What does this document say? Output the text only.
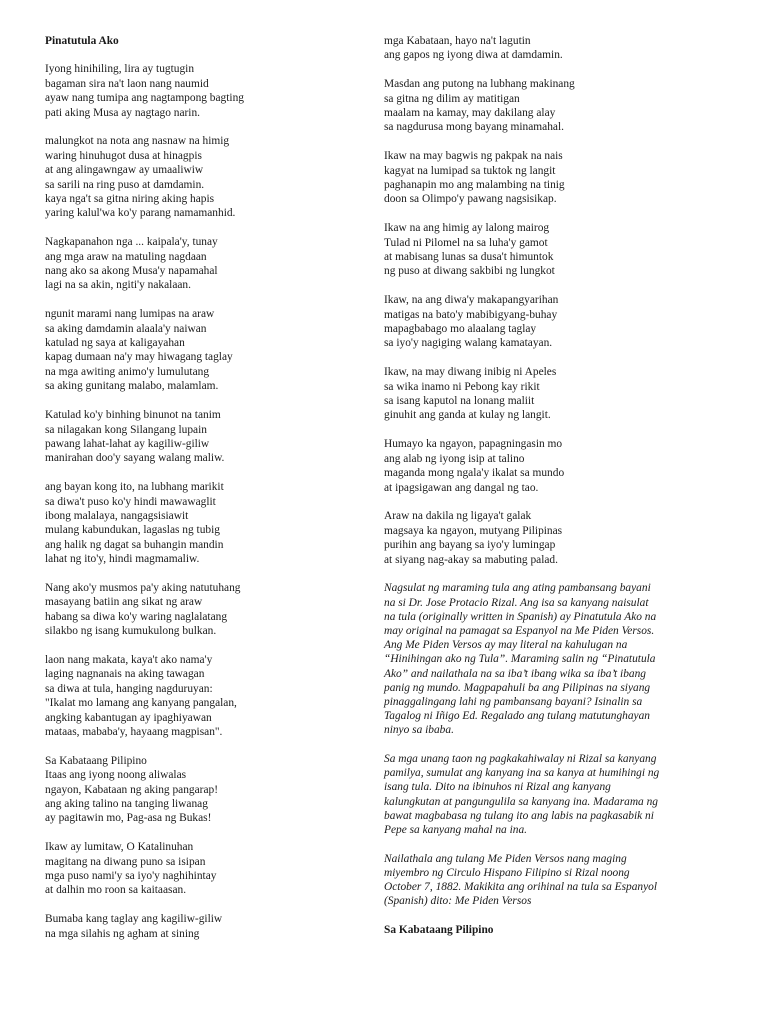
Pinatutula Ako
Iyong hinihiling, lira ay tugtugin
bagaman sira na't laon nang naumid
ayaw nang tumipa ang nagtampong bagting
pati aking Musa ay nagtago narin.
malungkot na nota ang nasnaw na himig
waring hinuhugot dusa at hinagpis
at ang alingawngaw ay umaaliwiw
sa sarili na ring puso at damdamin.
kaya nga't sa gitna niring aking hapis
yaring kalul'wa ko'y parang namamanhid.
Nagkapanahon nga ... kaipala'y, tunay
ang mga araw na matuling nagdaan
nang ako sa akong Musa'y napamahal
lagi na sa akin, ngiti'y nakalaan.
ngunit marami nang lumipas na araw
sa aking damdamin alaala'y naiwan
katulad ng saya at kaligayahan
kapag dumaan na'y may hiwagang taglay
na mga awiting animo'y lumulutang
sa aking gunitang malabo, malamlam.
Katulad ko'y binhing binunot na tanim
sa nilagakan kong Silangang lupain
pawang lahat-lahat ay kagiliw-giliw
manirahan doo'y sayang walang maliw.
ang bayan kong ito, na lubhang marikit
sa diwa't puso ko'y hindi mawawaglit
ibong malalaya, nangagsisiawit
mulang kabundukan, lagaslas ng tubig
ang halik ng dagat sa buhangin mandin
lahat ng ito'y, hindi magmamaliw.
Nang ako'y musmos pa'y aking natutuhang
masayang batiin ang sikat ng araw
habang sa diwa ko'y waring naglalatang
silakbo ng isang kumukulong bulkan.
laon nang makata, kaya't ako nama'y
laging nagnanais na aking tawagan
sa diwa at tula, hanging nagduruyan:
"Ikalat mo lamang ang kanyang pangalan,
angking kabantugan ay ipaghiyawan
mataas, mababa'y, hayaang magpisan".
Sa Kabataang Pilipino
Itaas ang iyong noong aliwalas
ngayon, Kabataan ng aking pangarap!
ang aking talino na tanging liwanag
ay pagitawin mo, Pag-asa ng Bukas!
Ikaw ay lumitaw, O Katalinuhan
magitang na diwang puno sa isipan
mga puso nami'y sa iyo'y naghihintay
at dalhin mo roon sa kaitaasan.
Bumaba kang taglay ang kagiliw-giliw
na mga silahis ng agham at sining
mga Kabataan, hayo na't lagutin
ang gapos ng iyong diwa at damdamin.
Masdan ang putong na lubhang makinang
sa gitna ng dilim ay matitigan
maalam na kamay, may dakilang alay
sa nagdurusa mong bayang minamahal.
Ikaw na may bagwis ng pakpak na nais
kagyat na lumipad sa tuktok ng langit
paghanapin mo ang malambing na tinig
doon sa Olimpo'y pawang nagsisikap.
Ikaw na ang himig ay lalong mairog
Tulad ni Pilomel na sa luha'y gamot
at mabisang lunas sa dusa't himuntok
ng puso at diwang sakbibi ng lungkot
Ikaw, na ang diwa'y makapangyarihan
matigas na bato'y mabibigyang-buhay
mapagbabago mo alaalang taglay
sa iyo'y nagiging walang kamatayan.
Ikaw, na may diwang inibig ni Apeles
sa wika inamo ni Pebong kay rikit
sa isang kaputol na lonang maliit
ginuhit ang ganda at kulay ng langit.
Humayo ka ngayon, papagningasin mo
ang alab ng iyong isip at talino
maganda mong ngala'y ikalat sa mundo
at ipagsigawan ang dangal ng tao.
Araw na dakila ng ligaya't galak
magsaya ka ngayon, mutyang Pilipinas
purihin ang bayang sa iyo'y lumingap
at siyang nag-akay sa mabuting palad.
Nagsulat ng maraming tula ang ating pambansang bayani
na si Dr. Jose Protacio Rizal. Ang isa sa kanyang naisulat
na tula (originally written in Spanish) ay Pinatutula Ako na
may original na pamagat sa Espanyol na Me Piden Versos.
Ang Me Piden Versos ay may literal na kahulugan na
“Hinihingan ako ng Tula”. Maraming salin ng “Pinatutula
Ako” and nailathala na sa iba’t ibang wika sa iba’t ibang
panig ng mundo. Magpapahuli ba ang Pilipinas na siyang
pinaggalingang lahi ng pambansang bayani? Isinalin sa
Tagalog ni Iñigo Ed. Regalado ang tulang matutunghayan
ninyo sa ibaba.
Sa mga unang taon ng pagkakahiwalay ni Rizal sa kanyang
pamilya, sumulat ang kanyang ina sa kanya at humihingi ng
isang tula. Dito na ibinuhos ni Rizal ang kanyang
kalungkutan at pangungulila sa kanyang ina. Madarama ng
bawat magbabasa ng tulang ito ang labis na pagkasabik ni
Pepe sa kanyang mahal na ina.
Nailathala ang tulang Me Piden Versos nang maging
miyembro ng Circulo Hispano Filipino si Rizal noong
October 7, 1882. Makikita ang orihinal na tula sa Espanyol
(Spanish) dito: Me Piden Versos
Sa Kabataang Pilipino
